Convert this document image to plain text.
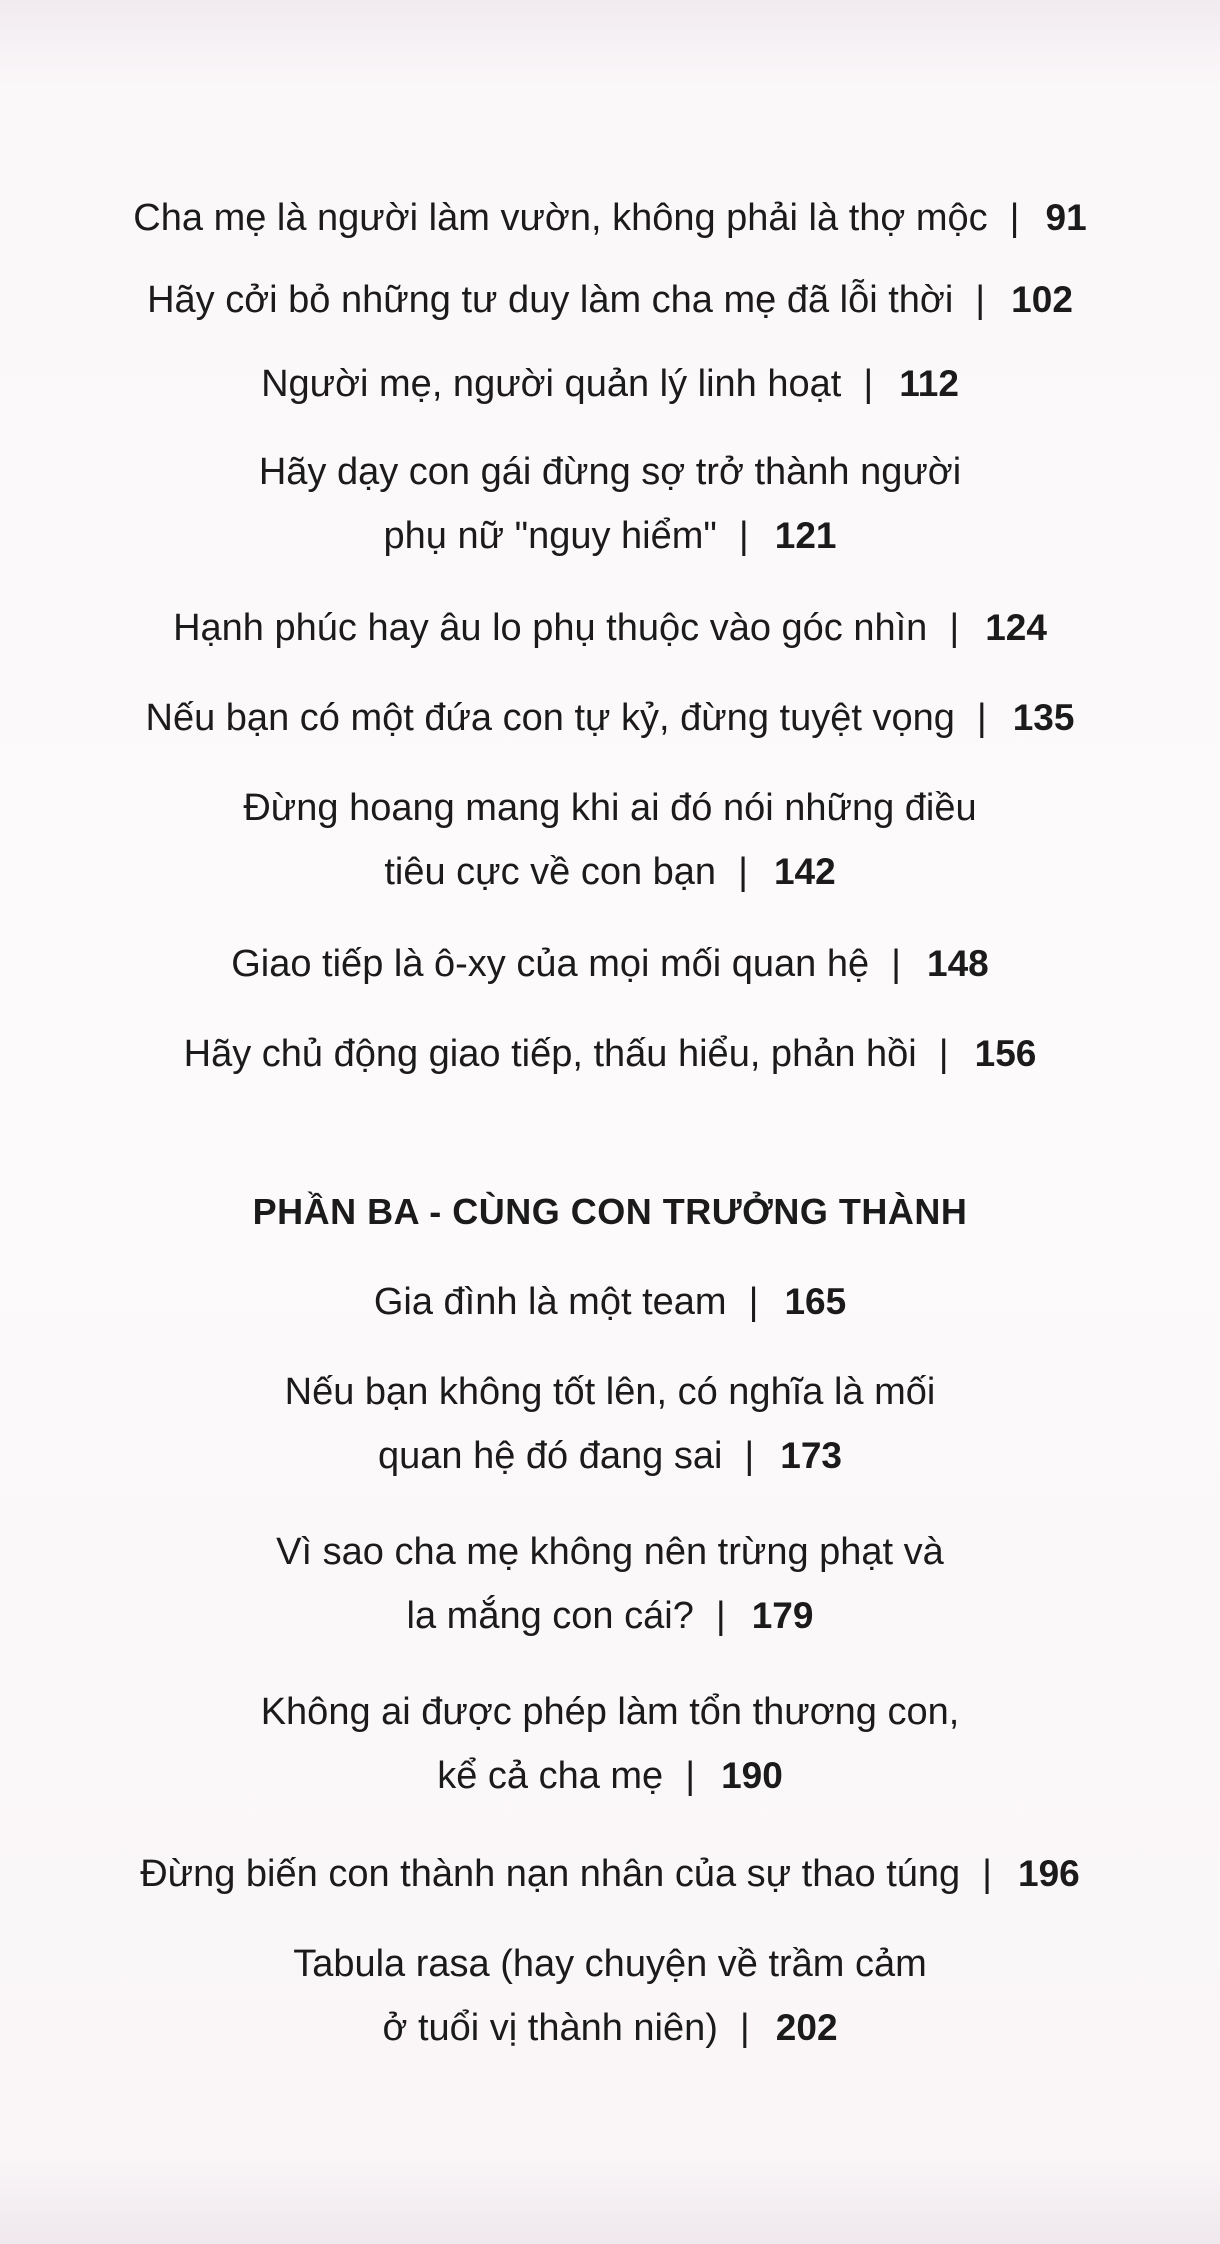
Cha mẹ là người làm vườn, không phải là thợ mộc | 91
Hãy cởi bỏ những tư duy làm cha mẹ đã lỗi thời | 102
Người mẹ, người quản lý linh hoạt | 112
Hãy dạy con gái đừng sợ trở thành người
phụ nữ "nguy hiểm" | 121
Hạnh phúc hay âu lo phụ thuộc vào góc nhìn | 124
Nếu bạn có một đứa con tự kỷ, đừng tuyệt vọng | 135
Đừng hoang mang khi ai đó nói những điều
tiêu cực về con bạn | 142
Giao tiếp là ô-xy của mọi mối quan hệ | 148
Hãy chủ động giao tiếp, thấu hiểu, phản hồi | 156
PHẦN BA - CÙNG CON TRƯỞNG THÀNH
Gia đình là một team | 165
Nếu bạn không tốt lên, có nghĩa là mối
quan hệ đó đang sai | 173
Vì sao cha mẹ không nên trừng phạt và
la mắng con cái? | 179
Không ai được phép làm tổn thương con,
kể cả cha mẹ | 190
Đừng biến con thành nạn nhân của sự thao túng | 196
Tabula rasa (hay chuyện về trầm cảm
ở tuổi vị thành niên) | 202
